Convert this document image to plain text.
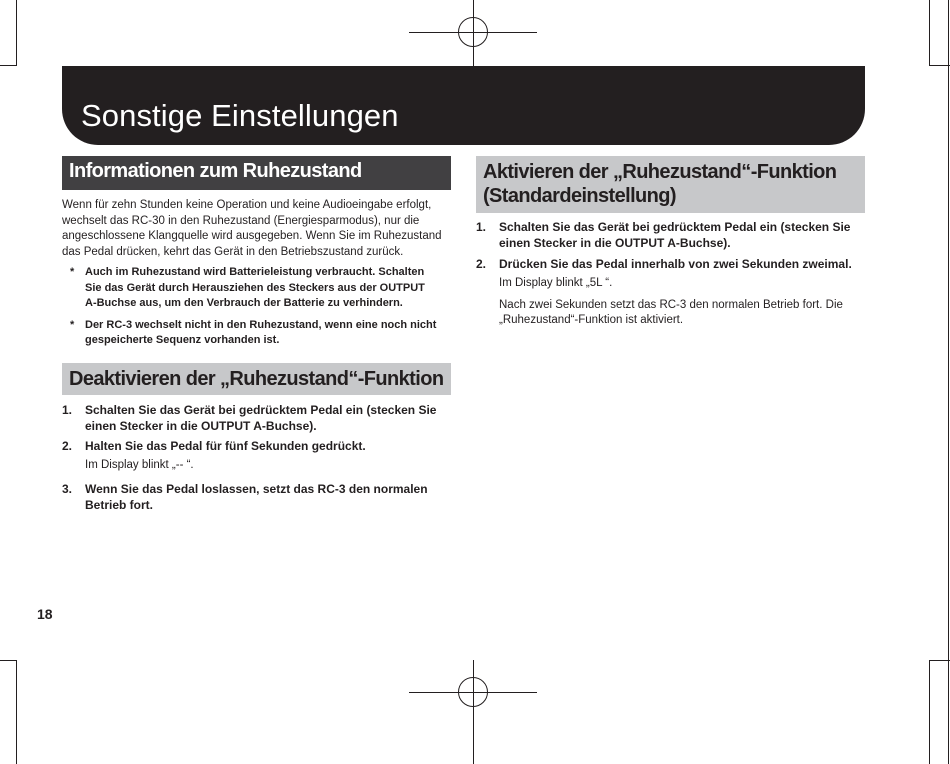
Sonstige Einstellungen
Informationen zum Ruhezustand
Wenn für zehn Stunden keine Operation und keine Audioeingabe erfolgt,
wechselt das RC-30 in den Ruhezustand (Energiesparmodus), nur die
angeschlossene Klangquelle wird ausgegeben. Wenn Sie im Ruhezustand
das Pedal drücken, kehrt das Gerät in den Betriebszustand zurück.
* Auch im Ruhezustand wird Batterieleistung verbraucht. Schalten
Sie das Gerät durch Herausziehen des Steckers aus der OUTPUT
A-Buchse aus, um den Verbrauch der Batterie zu verhindern.
* Der RC-3 wechselt nicht in den Ruhezustand, wenn eine noch nicht
gespeicherte Sequenz vorhanden ist.
Deaktivieren der „Ruhezustand“-Funktion
1. Schalten Sie das Gerät bei gedrücktem Pedal ein (stecken Sie
einen Stecker in die OUTPUT A-Buchse).
2. Halten Sie das Pedal für fünf Sekunden gedrückt.
Im Display blinkt „-- “.
3. Wenn Sie das Pedal loslassen, setzt das RC-3 den normalen
Betrieb fort.
Aktivieren der „Ruhezustand“-Funktion
(Standardeinstellung)
1. Schalten Sie das Gerät bei gedrücktem Pedal ein (stecken Sie
einen Stecker in die OUTPUT A-Buchse).
2. Drücken Sie das Pedal innerhalb von zwei Sekunden zweimal.
Im Display blinkt „5L “.
Nach zwei Sekunden setzt das RC-3 den normalen Betrieb fort. Die
„Ruhezustand“-Funktion ist aktiviert.
18
